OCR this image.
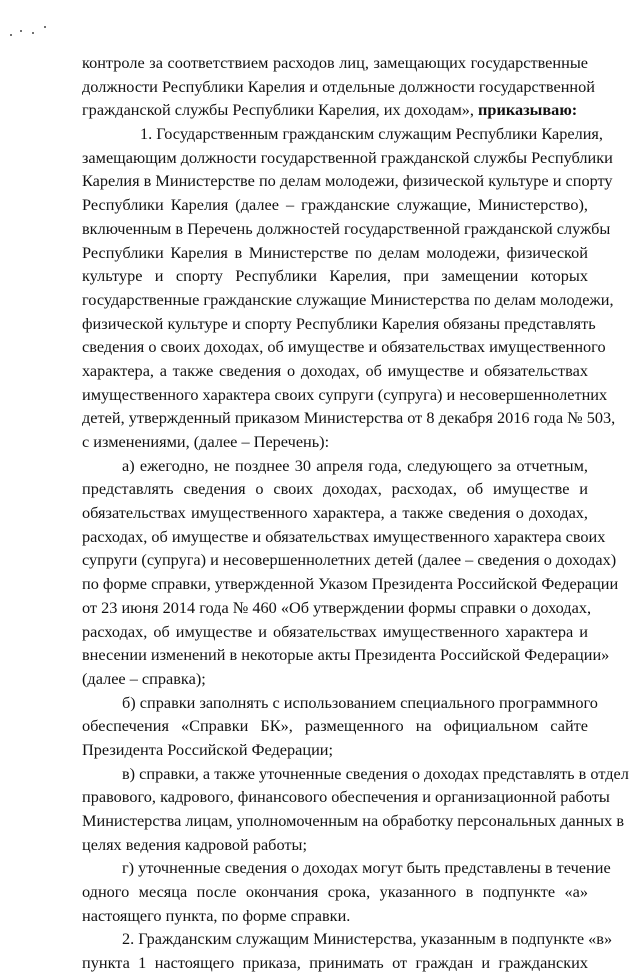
контроле за соответствием расходов лиц, замещающих государственные
должности Республики Карелия и отдельные должности государственной
гражданской службы Республики Карелия, их доходам», приказываю:
1. Государственным гражданским служащим Республики Карелия,
замещающим должности государственной гражданской службы Республики
Карелия в Министерстве по делам молодежи, физической культуре и спорту
Республики Карелия (далее – гражданские служащие, Министерство),
включенным в Перечень должностей государственной гражданской службы
Республики Карелия в Министерстве по делам молодежи, физической
культуре и спорту Республики Карелия, при замещении которых
государственные гражданские служащие Министерства по делам молодежи,
физической культуре и спорту Республики Карелия обязаны представлять
сведения о своих доходах, об имуществе и обязательствах имущественного
характера, а также сведения о доходах, об имуществе и обязательствах
имущественного характера своих супруги (супруга) и несовершеннолетних
детей, утвержденный приказом Министерства от 8 декабря 2016 года № 503,
с изменениями, (далее – Перечень):
а) ежегодно, не позднее 30 апреля года, следующего за отчетным,
представлять сведения о своих доходах, расходах, об имуществе и
обязательствах имущественного характера, а также сведения о доходах,
расходах, об имуществе и обязательствах имущественного характера своих
супруги (супруга) и несовершеннолетних детей (далее – сведения о доходах)
по форме справки, утвержденной Указом Президента Российской Федерации
от 23 июня 2014 года № 460 «Об утверждении формы справки о доходах,
расходах, об имуществе и обязательствах имущественного характера и
внесении изменений в некоторые акты Президента Российской Федерации»
(далее – справка);
б) справки заполнять с использованием специального программного
обеспечения «Справки БК», размещенного на официальном сайте
Президента Российской Федерации;
в) справки, а также уточненные сведения о доходах представлять в отдел
правового, кадрового, финансового обеспечения и организационной работы
Министерства лицам, уполномоченным на обработку персональных данных в
целях ведения кадровой работы;
г) уточненные сведения о доходах могут быть представлены в течение
одного месяца после окончания срока, указанного в подпункте «а»
настоящего пункта, по форме справки.
2. Гражданским служащим Министерства, указанным в подпункте «в»
пункта 1 настоящего приказа, принимать от граждан и гражданских
